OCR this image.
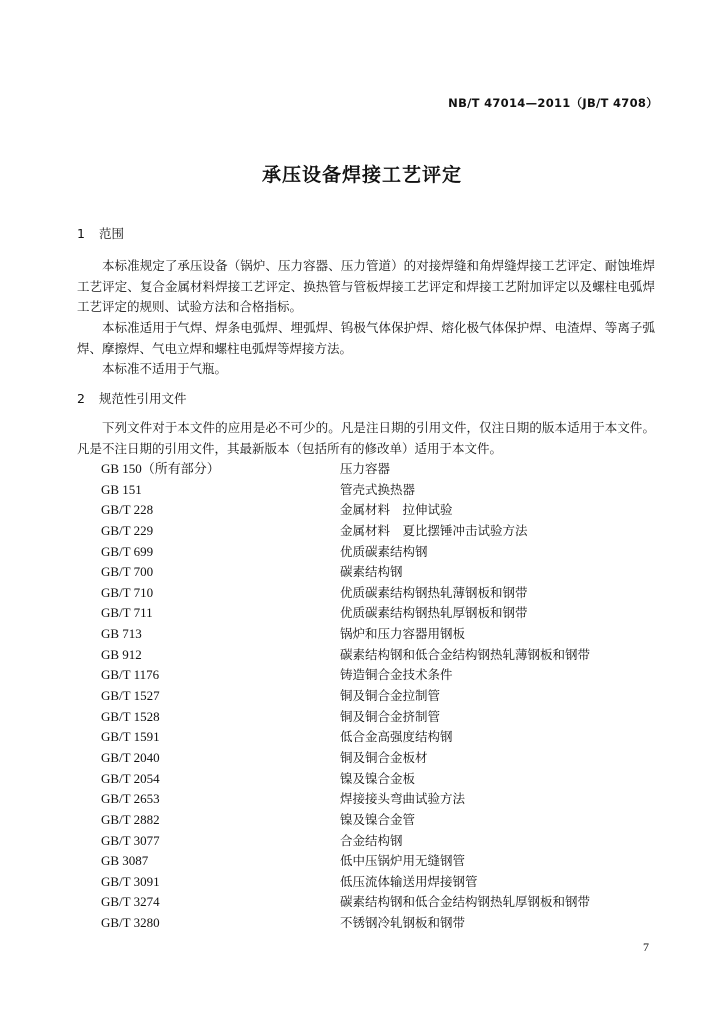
NB/T 47014—2011（JB/T 4708）
承压设备焊接工艺评定
1 范围
本标准规定了承压设备（锅炉、压力容器、压力管道）的对接焊缝和角焊缝焊接工艺评定、耐蚀堆焊工艺评定、复合金属材料焊接工艺评定、换热管与管板焊接工艺评定和焊接工艺附加评定以及螺柱电弧焊工艺评定的规则、试验方法和合格指标。
本标准适用于气焊、焊条电弧焊、埋弧焊、钨极气体保护焊、熔化极气体保护焊、电渣焊、等离子弧焊、摩擦焊、气电立焊和螺柱电弧焊等焊接方法。
本标准不适用于气瓶。
2 规范性引用文件
下列文件对于本文件的应用是必不可少的。凡是注日期的引用文件，仅注日期的版本适用于本文件。凡是不注日期的引用文件，其最新版本（包括所有的修改单）适用于本文件。
GB 150（所有部分）	压力容器
GB 151	管壳式换热器
GB/T 228	金属材料　拉伸试验
GB/T 229	金属材料　夏比摆锤冲击试验方法
GB/T 699	优质碳素结构钢
GB/T 700	碳素结构钢
GB/T 710	优质碳素结构钢热轧薄钢板和钢带
GB/T 711	优质碳素结构钢热轧厚钢板和钢带
GB 713	锅炉和压力容器用钢板
GB 912	碳素结构钢和低合金结构钢热轧薄钢板和钢带
GB/T 1176	铸造铜合金技术条件
GB/T 1527	铜及铜合金拉制管
GB/T 1528	铜及铜合金挤制管
GB/T 1591	低合金高强度结构钢
GB/T 2040	铜及铜合金板材
GB/T 2054	镍及镍合金板
GB/T 2653	焊接接头弯曲试验方法
GB/T 2882	镍及镍合金管
GB/T 3077	合金结构钢
GB 3087	低中压锅炉用无缝钢管
GB/T 3091	低压流体输送用焊接钢管
GB/T 3274	碳素结构钢和低合金结构钢热轧厚钢板和钢带
GB/T 3280	不锈钢冷轧钢板和钢带
7
